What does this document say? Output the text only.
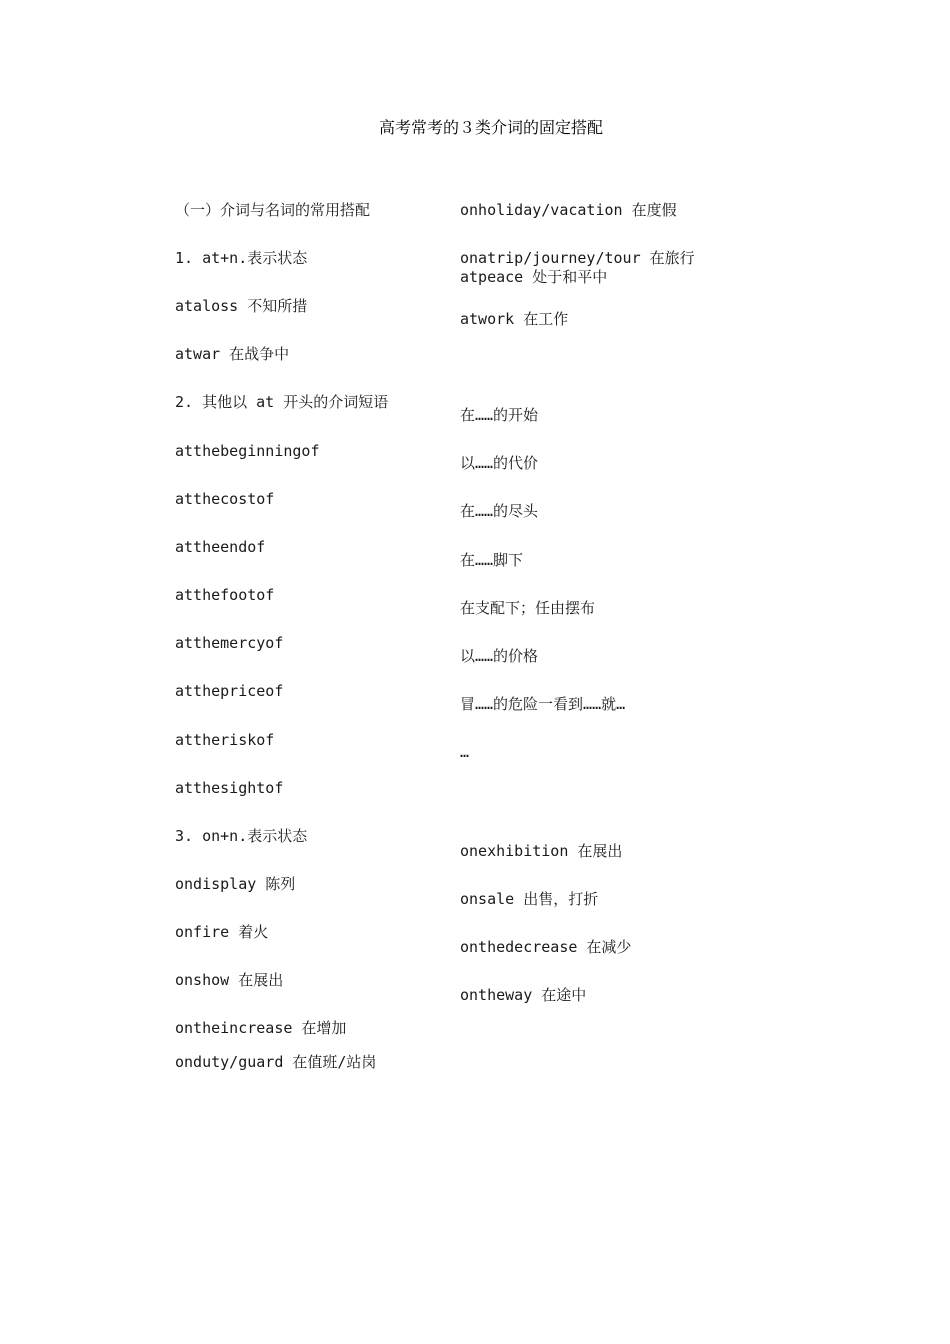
高考常考的３类介词的固定搭配
（一）介词与名词的常用搭配
1. at+n.表示状态
ataloss 不知所措
atwar 在战争中
2. 其他以 at 开头的介词短语
atthebeginningof
atthecostof
attheendof
atthefootof
atthemercyof
atthepriceof
attheriskof
atthesightof
3. on+n.表示状态
ondisplay 陈列
onfire 着火
onshow 在展出
ontheincrease 在增加
onduty/guard 在值班/站岗
onholiday/vacation 在度假
onatrip/journey/tour 在旅行
atpeace 处于和平中
atwork 在工作
在……的开始
以……的代价
在……的尽头
在……脚下
在支配下；任由摆布
以……的价格
冒……的危险一看到……就…
…
onexhibition 在展出
onsale 出售，打折
onthedecrease 在减少
ontheway 在途中
